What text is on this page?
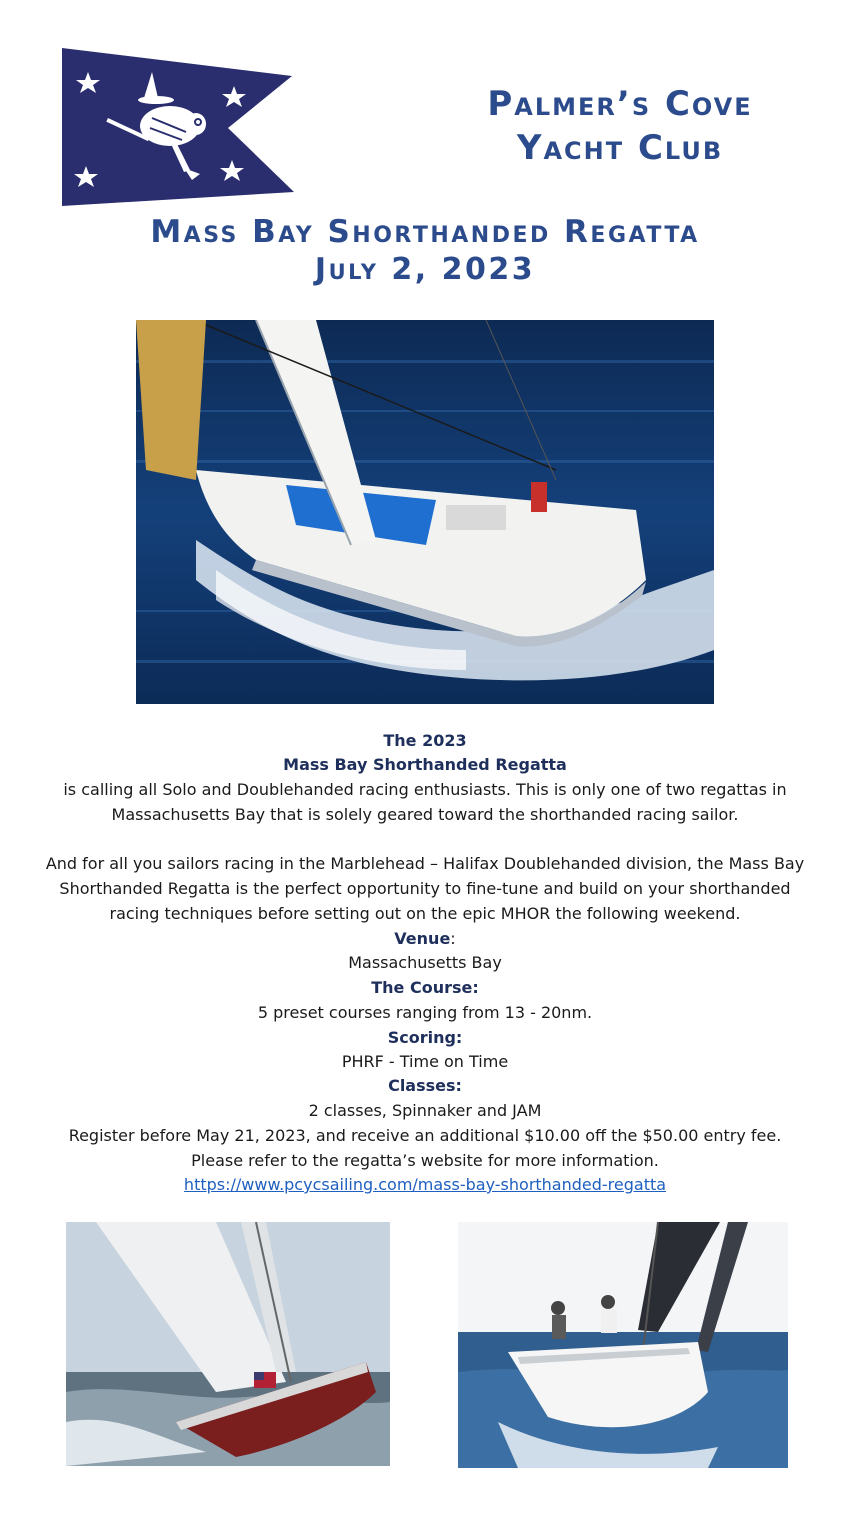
Palmer’s Cove
Yacht Club
Mass Bay Shorthanded Regatta
July 2, 2023
The 2023
Mass Bay Shorthanded Regatta
is calling all Solo and Doublehanded racing enthusiasts. This is only one of two regattas in
Massachusetts Bay that is solely geared toward the shorthanded racing sailor.
And for all you sailors racing in the Marblehead – Halifax Doublehanded division, the Mass Bay
Shorthanded Regatta is the perfect opportunity to fine-tune and build on your shorthanded
racing techniques before setting out on the epic MHOR the following weekend.
Venue:
Massachusetts Bay
The Course:
5 preset courses ranging from 13 - 20nm.
Scoring:
PHRF - Time on Time
Classes:
2 classes, Spinnaker and JAM
Register before May 21, 2023, and receive an additional $10.00 off the $50.00 entry fee.
Please refer to the regatta’s website for more information.
https://www.pcycsailing.com/mass-bay-shorthanded-regatta
